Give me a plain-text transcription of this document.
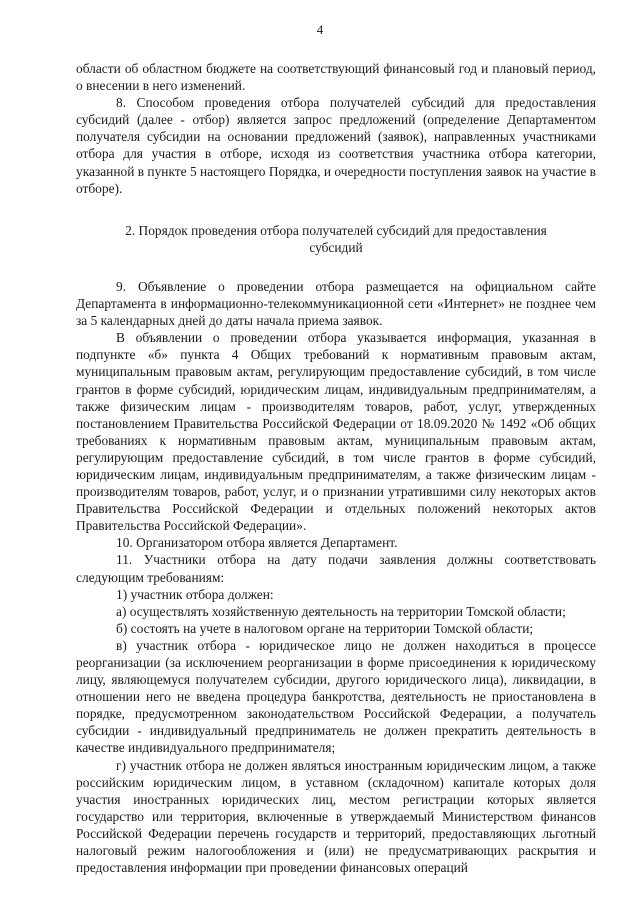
4

области об областном бюджете на соответствующий финансовый год и плановый период, о внесении в него изменений.

8. Способом проведения отбора получателей субсидий для предоставления субсидий (далее - отбор) является запрос предложений (определение Департаментом получателя субсидии на основании предложений (заявок), направленных участниками отбора для участия в отборе, исходя из соответствия участника отбора категории, указанной в пункте 5 настоящего Порядка, и очередности поступления заявок на участие в отборе).

2. Порядок проведения отбора получателей субсидий для предоставления
субсидий

9. Объявление о проведении отбора размещается на официальном сайте Департамента в информационно-телекоммуникационной сети «Интернет» не позднее чем за 5 календарных дней до даты начала приема заявок.

В объявлении о проведении отбора указывается информация, указанная в подпункте «б» пункта 4 Общих требований к нормативным правовым актам, муниципальным правовым актам, регулирующим предоставление субсидий, в том числе грантов в форме субсидий, юридическим лицам, индивидуальным предпринимателям, а также физическим лицам - производителям товаров, работ, услуг, утвержденных постановлением Правительства Российской Федерации от 18.09.2020 № 1492 «Об общих требованиях к нормативным правовым актам, муниципальным правовым актам, регулирующим предоставление субсидий, в том числе грантов в форме субсидий, юридическим лицам, индивидуальным предпринимателям, а также физическим лицам - производителям товаров, работ, услуг, и о признании утратившими силу некоторых актов Правительства Российской Федерации и отдельных положений некоторых актов Правительства Российской Федерации».

10. Организатором отбора является Департамент.

11. Участники отбора на дату подачи заявления должны соответствовать следующим требованиям:

1) участник отбора должен:

а) осуществлять хозяйственную деятельность на территории Томской области;

б) состоять на учете в налоговом органе на территории Томской области;

в) участник отбора - юридическое лицо не должен находиться в процессе реорганизации (за исключением реорганизации в форме присоединения к юридическому лицу, являющемуся получателем субсидии, другого юридического лица), ликвидации, в отношении него не введена процедура банкротства, деятельность не приостановлена в порядке, предусмотренном законодательством Российской Федерации, а получатель субсидии - индивидуальный предприниматель не должен прекратить деятельность в качестве индивидуального предпринимателя;

г) участник отбора не должен являться иностранным юридическим лицом, а также российским юридическим лицом, в уставном (складочном) капитале которых доля участия иностранных юридических лиц, местом регистрации которых является государство или территория, включенные в утверждаемый Министерством финансов Российской Федерации перечень государств и территорий, предоставляющих льготный налоговый режим налогообложения и (или) не предусматривающих раскрытия и предоставления информации при проведении финансовых операций
